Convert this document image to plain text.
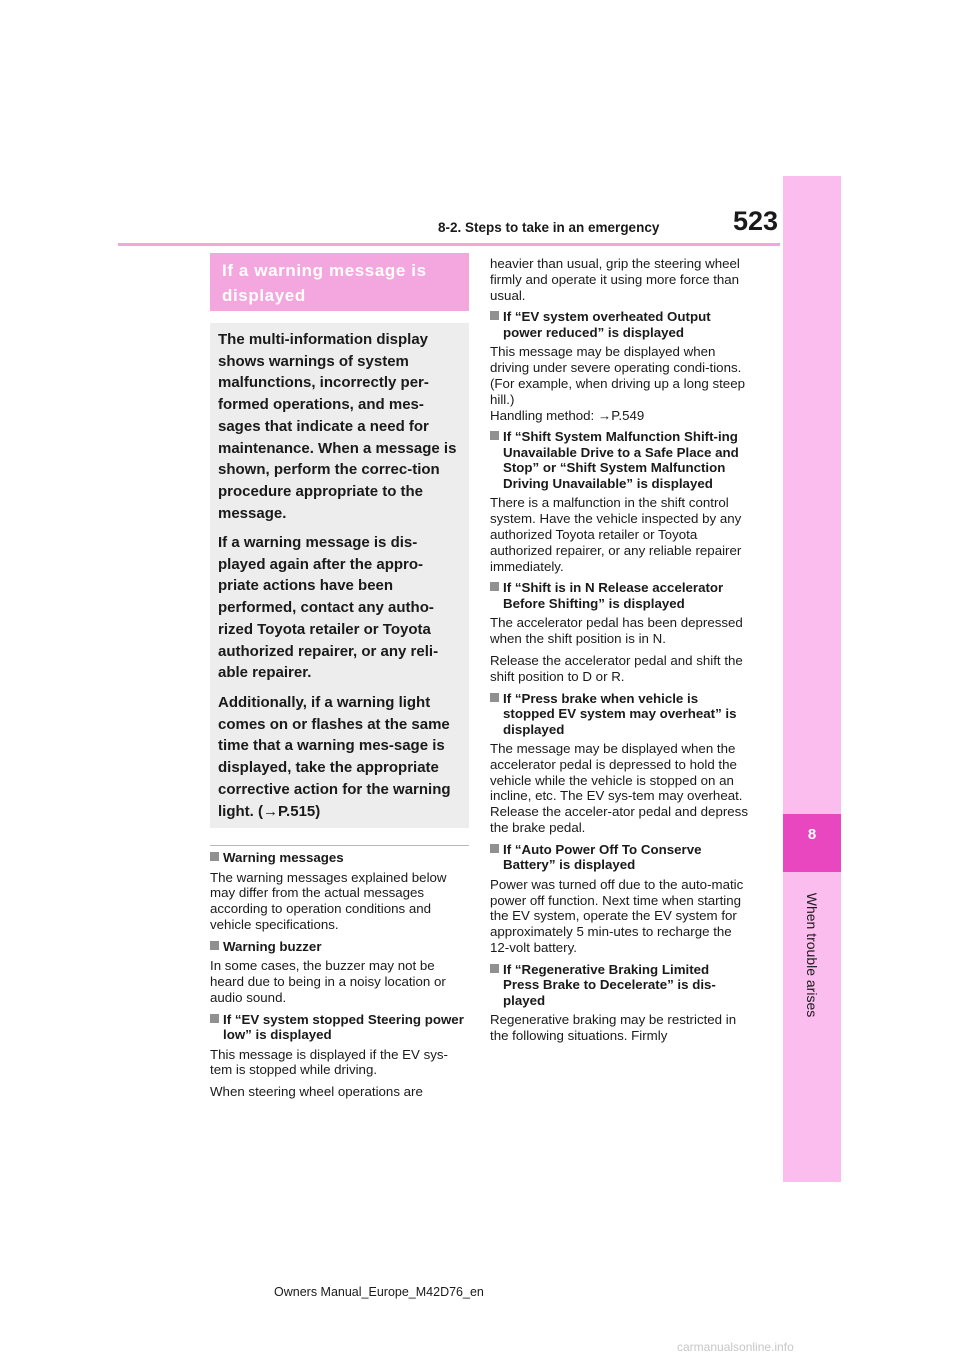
8
When trouble arises
8-2. Steps to take in an emergency	523
If a warning message is displayed

The multi-information display shows warnings of system malfunctions, incorrectly per-formed operations, and mes-sages that indicate a need for maintenance. When a message is shown, perform the correc-tion procedure appropriate to the message.

If a warning message is dis-played again after the appro-priate actions have been performed, contact any autho-rized Toyota retailer or Toyota authorized repairer, or any reli-able repairer.

Additionally, if a warning light comes on or flashes at the same time that a warning mes-sage is displayed, take the appropriate corrective action for the warning light. (→P.515)

Warning messages

The warning messages explained below may differ from the actual messages according to operation conditions and vehicle specifications.

Warning buzzer

In some cases, the buzzer may not be heard due to being in a noisy location or audio sound.

If “EV system stopped Steering power low” is displayed

This message is displayed if the EV sys-tem is stopped while driving.

When steering wheel operations are

heavier than usual, grip the steering wheel firmly and operate it using more force than usual.

If “EV system overheated Output power reduced” is displayed

This message may be displayed when driving under severe operating condi-tions. (For example, when driving up a long steep hill.)
Handling method: →P.549

If “Shift System Malfunction Shift-ing Unavailable Drive to a Safe Place and Stop” or “Shift System Malfunction Driving Unavailable” is displayed

There is a malfunction in the shift control system. Have the vehicle inspected by any authorized Toyota retailer or Toyota authorized repairer, or any reliable repairer immediately.

If “Shift is in N Release accelerator Before Shifting” is displayed

The accelerator pedal has been depressed when the shift position is in N.

Release the accelerator pedal and shift the shift position to D or R.

If “Press brake when vehicle is stopped EV system may overheat” is displayed

The message may be displayed when the accelerator pedal is depressed to hold the vehicle while the vehicle is stopped on an incline, etc. The EV sys-tem may overheat. Release the acceler-ator pedal and depress the brake pedal.

If “Auto Power Off To Conserve Battery” is displayed

Power was turned off due to the auto-matic power off function. Next time when starting the EV system, operate the EV system for approximately 5 min-utes to recharge the 12-volt battery.

If “Regenerative Braking Limited Press Brake to Decelerate” is dis-played

Regenerative braking may be restricted in the following situations. Firmly

Owners Manual_Europe_M42D76_en
carmanualsonline.info
